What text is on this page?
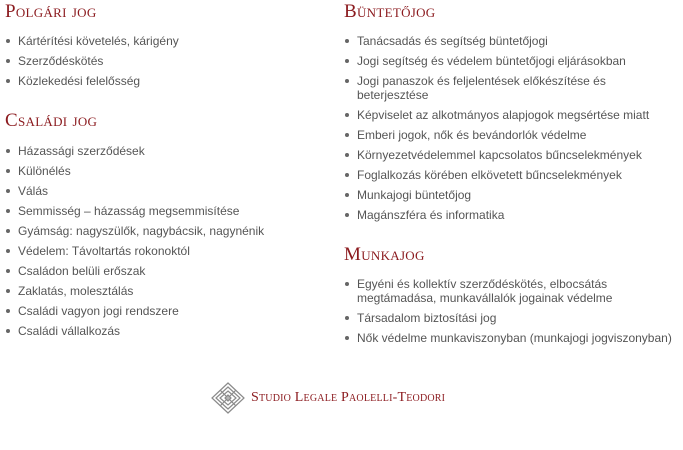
Polgári jog
Kártérítési követelés, kárigény
Szerződéskötés
Közlekedési felelősség
Családi jog
Házassági szerződések
Különélés
Válás
Semmisség – házasság megsemmisítése
Gyámság: nagyszülők, nagybácsik, nagynénik
Védelem: Távoltartás rokonoktól
Családon belüli erőszak
Zaklatás, molesztálás
Családi vagyon jogi rendszere
Családi vállalkozás
Büntetőjog
Tanácsadás és segítség büntetőjogi
Jogi segítség és védelem büntetőjogi eljárásokban
Jogi panaszok és feljelentések előkészítése és beterjesztése
Képviselet az alkotmányos alapjogok megsértése miatt
Emberi jogok, nők és bevándorlók védelme
Környezetvédelemmel kapcsolatos bűncselekmények
Foglalkozás körében elkövetett bűncselekmények
Munkajogi büntetőjog
Magánszféra és informatika
Munkajog
Egyéni és kollektív szerződéskötés, elbocsátás megtámadása, munkavállalók jogainak védelme
Társadalom biztosítási jog
Nők védelme munkaviszonyban (munkajogi jogviszonyban)
Studio Legale Paolelli-Teodori
